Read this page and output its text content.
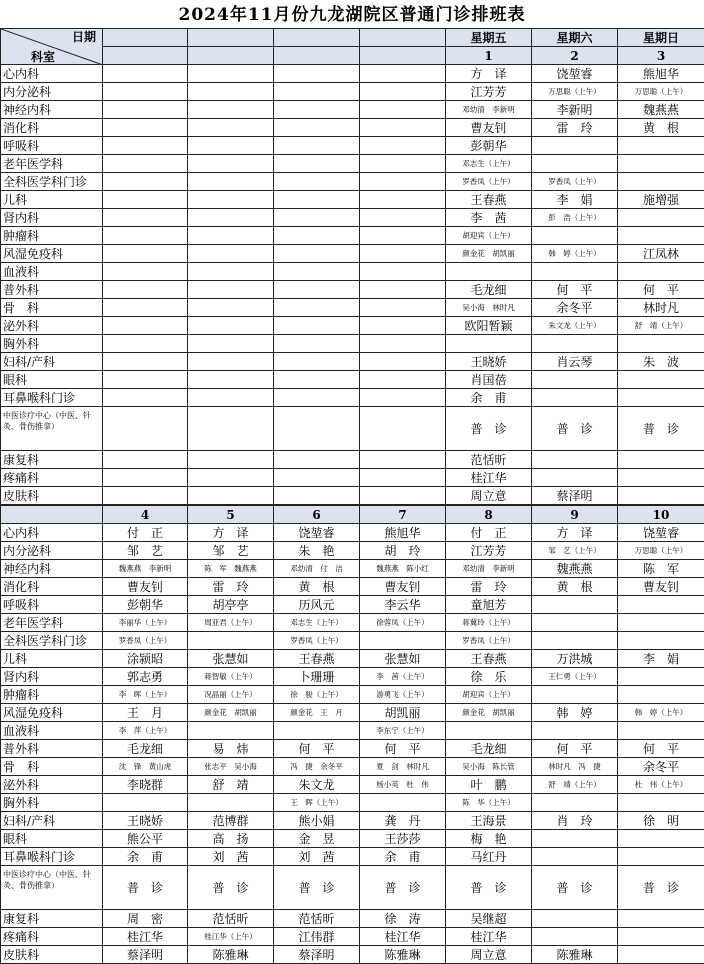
2024年11月份九龙湖院区普通门诊排班表
日期
科室					星期五	星期六	星期日
					1	2	3
心内科					方　译	饶堃睿	熊旭华
内分泌科					江芳芳	万思聪（上午）	万思聪（上午）
神经内科					邓幼清　李新明	李新明	魏燕燕
消化科					曹友钊	雷　玲	黄　根
呼吸科					彭朝华		
老年医学科					邓志生（上午）		
全科医学科门诊					罗香凤（上午）	罗香凤（上午）	
儿科					王春燕	李　娟	施增强
肾内科					李　茜	彭　浩（上午）	
肿瘤科					胡迎宾（上午）		
风湿免疫科					颜金花　胡凯丽	韩　婷（上午）	江凤林
血液科							
普外科					毛龙细	何　平	何　平
骨　科					吴小海　林时凡	余冬平	林时凡
泌外科					欧阳暂颖	朱文龙（上午）	舒　靖（上午）
胸外科							
妇科/产科					王晓娇	肖云琴	朱　波
眼科					肖国蓓		
耳鼻喉科门诊					余　甫		
中医诊疗中心（中医、针灸、骨伤推拿）					普　诊	普　诊	普　诊
康复科					范恬昕		
疼痛科					桂江华		
皮肤科					周立意	蔡泽明	
	4	5	6	7	8	9	10
心内科	付　正	方　译	饶堃睿	熊旭华	付　正	方　译	饶堃睿
内分泌科	邹　艺	邹　艺	朱　艳	胡　玲	江芳芳	邹　艺（上午）	万思聪（上午）
神经内科	魏燕燕　李新明	陈　军　魏燕燕	邓幼清　付　洁	魏燕燕　陈小红	邓幼清　李新明	魏燕燕	陈　军
消化科	曹友钊	雷　玲	黄　根	曹友钊	雷　玲	黄　根	曹友钊
呼吸科	彭朝华	胡亭亭	历风元	李云华	童旭芳		
老年医学科	李丽华（上午）	周亚君（上午）	邓志生（上午）	徐蓉凤（上午）	蒋冀玲（上午）		
全科医学科门诊	罗香凤（上午）		罗香凤（上午）		罗香凤（上午）		
儿科	涂颍昭	张慧如	王春燕	张慧如	王春燕	万洪城	李　娟
肾内科	郭志勇	蒋智敏（上午）	卜珊珊	李　茜（上午）	徐　乐	王仁勇（上午）	
肿瘤科	李　晖（上午）	况晶丽（上午）	徐　骏（上午）	游勇飞（上午）	胡迎宾（上午）		
风湿免疫科	王　月	颜金花　胡凯丽	颜金花　王　月	胡凯丽	颜金花　胡凯丽	韩　婷	韩　婷（上午）
血液科	李　萍（上午）			李东宁（上午）			
普外科	毛龙细	易　炜	何　平	何　平	毛龙细	何　平	何　平
骨　科	沈　锋　黄山虎	张志平　吴小海	冯　捷　余冬平	夏　剑　林时凡	吴小海　陈长管	林时凡　冯　捷	余冬平
泌外科	李晓群	舒　靖	朱文龙	杨小英　杜　伟	叶　鹏	舒　靖（上午）	杜　伟（上午）
胸外科			王　晖（上午）		陈　华（上午）		
妇科/产科	王晓娇	范博群	熊小娟	龚　丹	王海景	肖　玲	徐　明
眼科	熊公平	高　扬	金　昱	王莎莎	梅　艳		
耳鼻喉科门诊	余　甫	刘　茜	刘　茜	余　甫	马红丹		
中医诊疗中心（中医、针灸、骨伤推拿）	普　诊	普　诊	普　诊	普　诊	普　诊	普　诊	普　诊
康复科	周　密	范恬昕	范恬昕	徐　涛	吴继超		
疼痛科	桂江华	桂江华（上午）	江伟群	桂江华	桂江华		
皮肤科	蔡泽明	陈雅琳	蔡泽明	陈雅琳	周立意	陈雅琳	
